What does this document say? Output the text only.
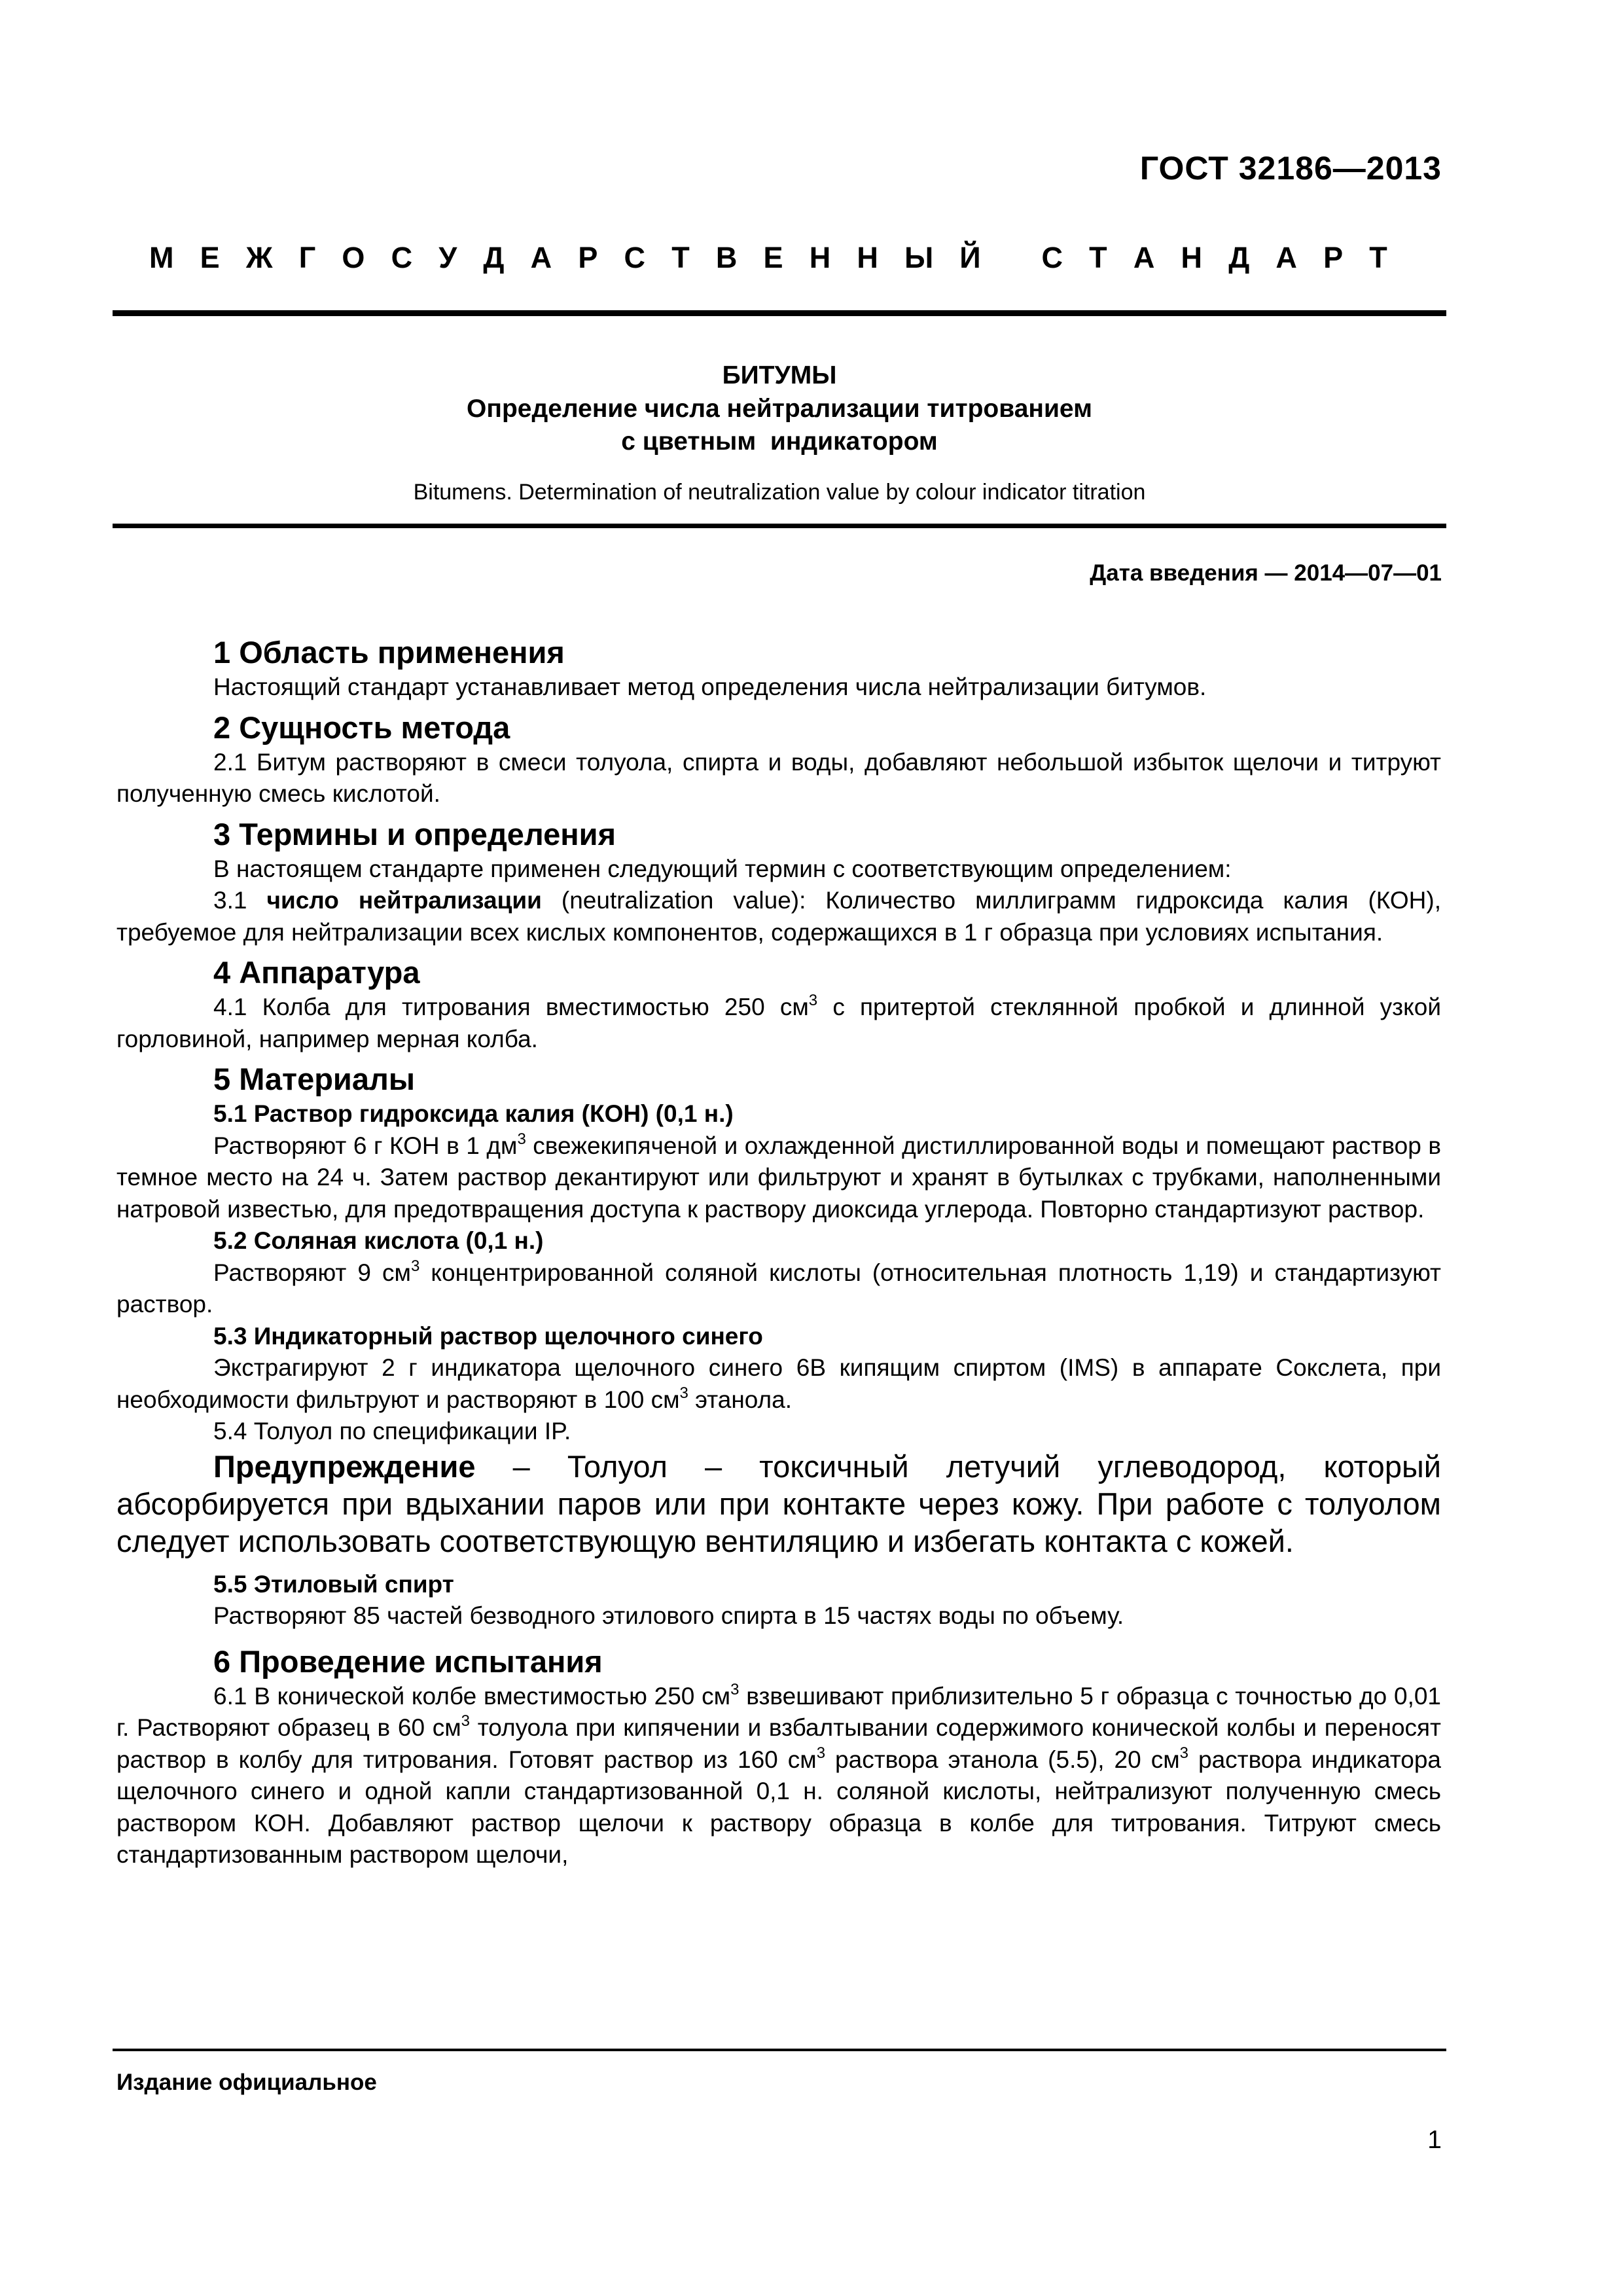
ГОСТ 32186—2013
М Е Ж Г О С У Д А Р С Т В Е Н Н Ы Й
С Т А Н Д А Р Т
БИТУМЫ
Определение числа нейтрализации титрованием
с цветным  индикатором
Bitumens. Determination of neutralization value by colour indicator titration
Дата введения — 2014—07—01
1 Область применения

Настоящий стандарт устанавливает метод определения числа нейтрализации битумов.

2 Сущность метода

2.1 Битум растворяют в смеси толуола, спирта и воды, добавляют небольшой избыток щелочи и титруют полученную смесь кислотой.

3 Термины и определения

В настоящем стандарте применен следующий термин с соответствующим определением:

3.1 число нейтрализации (neutralization value): Количество миллиграмм гидроксида калия (КОН), требуемое для нейтрализации всех кислых компонентов, содержащихся в 1 г образца при условиях испытания.

4 Аппаратура

4.1 Колба для титрования вместимостью 250 $см^3$ с притертой стеклянной пробкой и длинной узкой горловиной, например мерная колба.

5 Материалы

5.1 Раствор гидроксида калия (КОН) (0,1 н.)

Растворяют 6 г КОН в 1 $дм^3$ свежекипяченой и охлажденной дистиллированной воды и помещают раствор в темное место на 24 ч. Затем раствор декантируют или фильтруют и хранят в бутылках с трубками, наполненными натровой известью, для предотвращения доступа к раствору диоксида углерода. Повторно стандартизуют раствор.

5.2 Соляная кислота (0,1 н.)

Растворяют 9 $см^3$ концентрированной соляной кислоты (относительная плотность 1,19) и стандартизуют раствор.

5.3 Индикаторный раствор щелочного синего

Экстрагируют 2 г индикатора щелочного синего 6В кипящим спиртом (IMS) в аппарате Сокслета, при необходимости фильтруют и растворяют в 100 $см^3$ этанола.

5.4 Толуол по спецификации IP.

Предупреждение – Толуол – токсичный летучий углеводород, который абсорбируется при вдыхании паров или при контакте через кожу. При работе с толуолом следует использовать соответствующую вентиляцию и избегать контакта с кожей.

5.5 Этиловый спирт

Растворяют 85 частей безводного этилового спирта в 15 частях воды по объему.

6 Проведение испытания

6.1 В конической колбе вместимостью 250 $см^3$ взвешивают приблизительно 5 г образца с точностью до 0,01 г. Растворяют образец в 60 $см^3$ толуола при кипячении и взбалтывании содержимого конической колбы и переносят раствор в колбу для титрования. Готовят раствор из 160 $см^3$ раствора этанола (5.5), 20 $см^3$ раствора индикатора щелочного синего и одной капли стандартизованной 0,1 н. соляной кислоты, нейтрализуют полученную смесь раствором КОН. Добавляют раствор щелочи к раствору образца в колбе для титрования. Титруют смесь стандартизованным раствором щелочи,

Издание официальное
1
